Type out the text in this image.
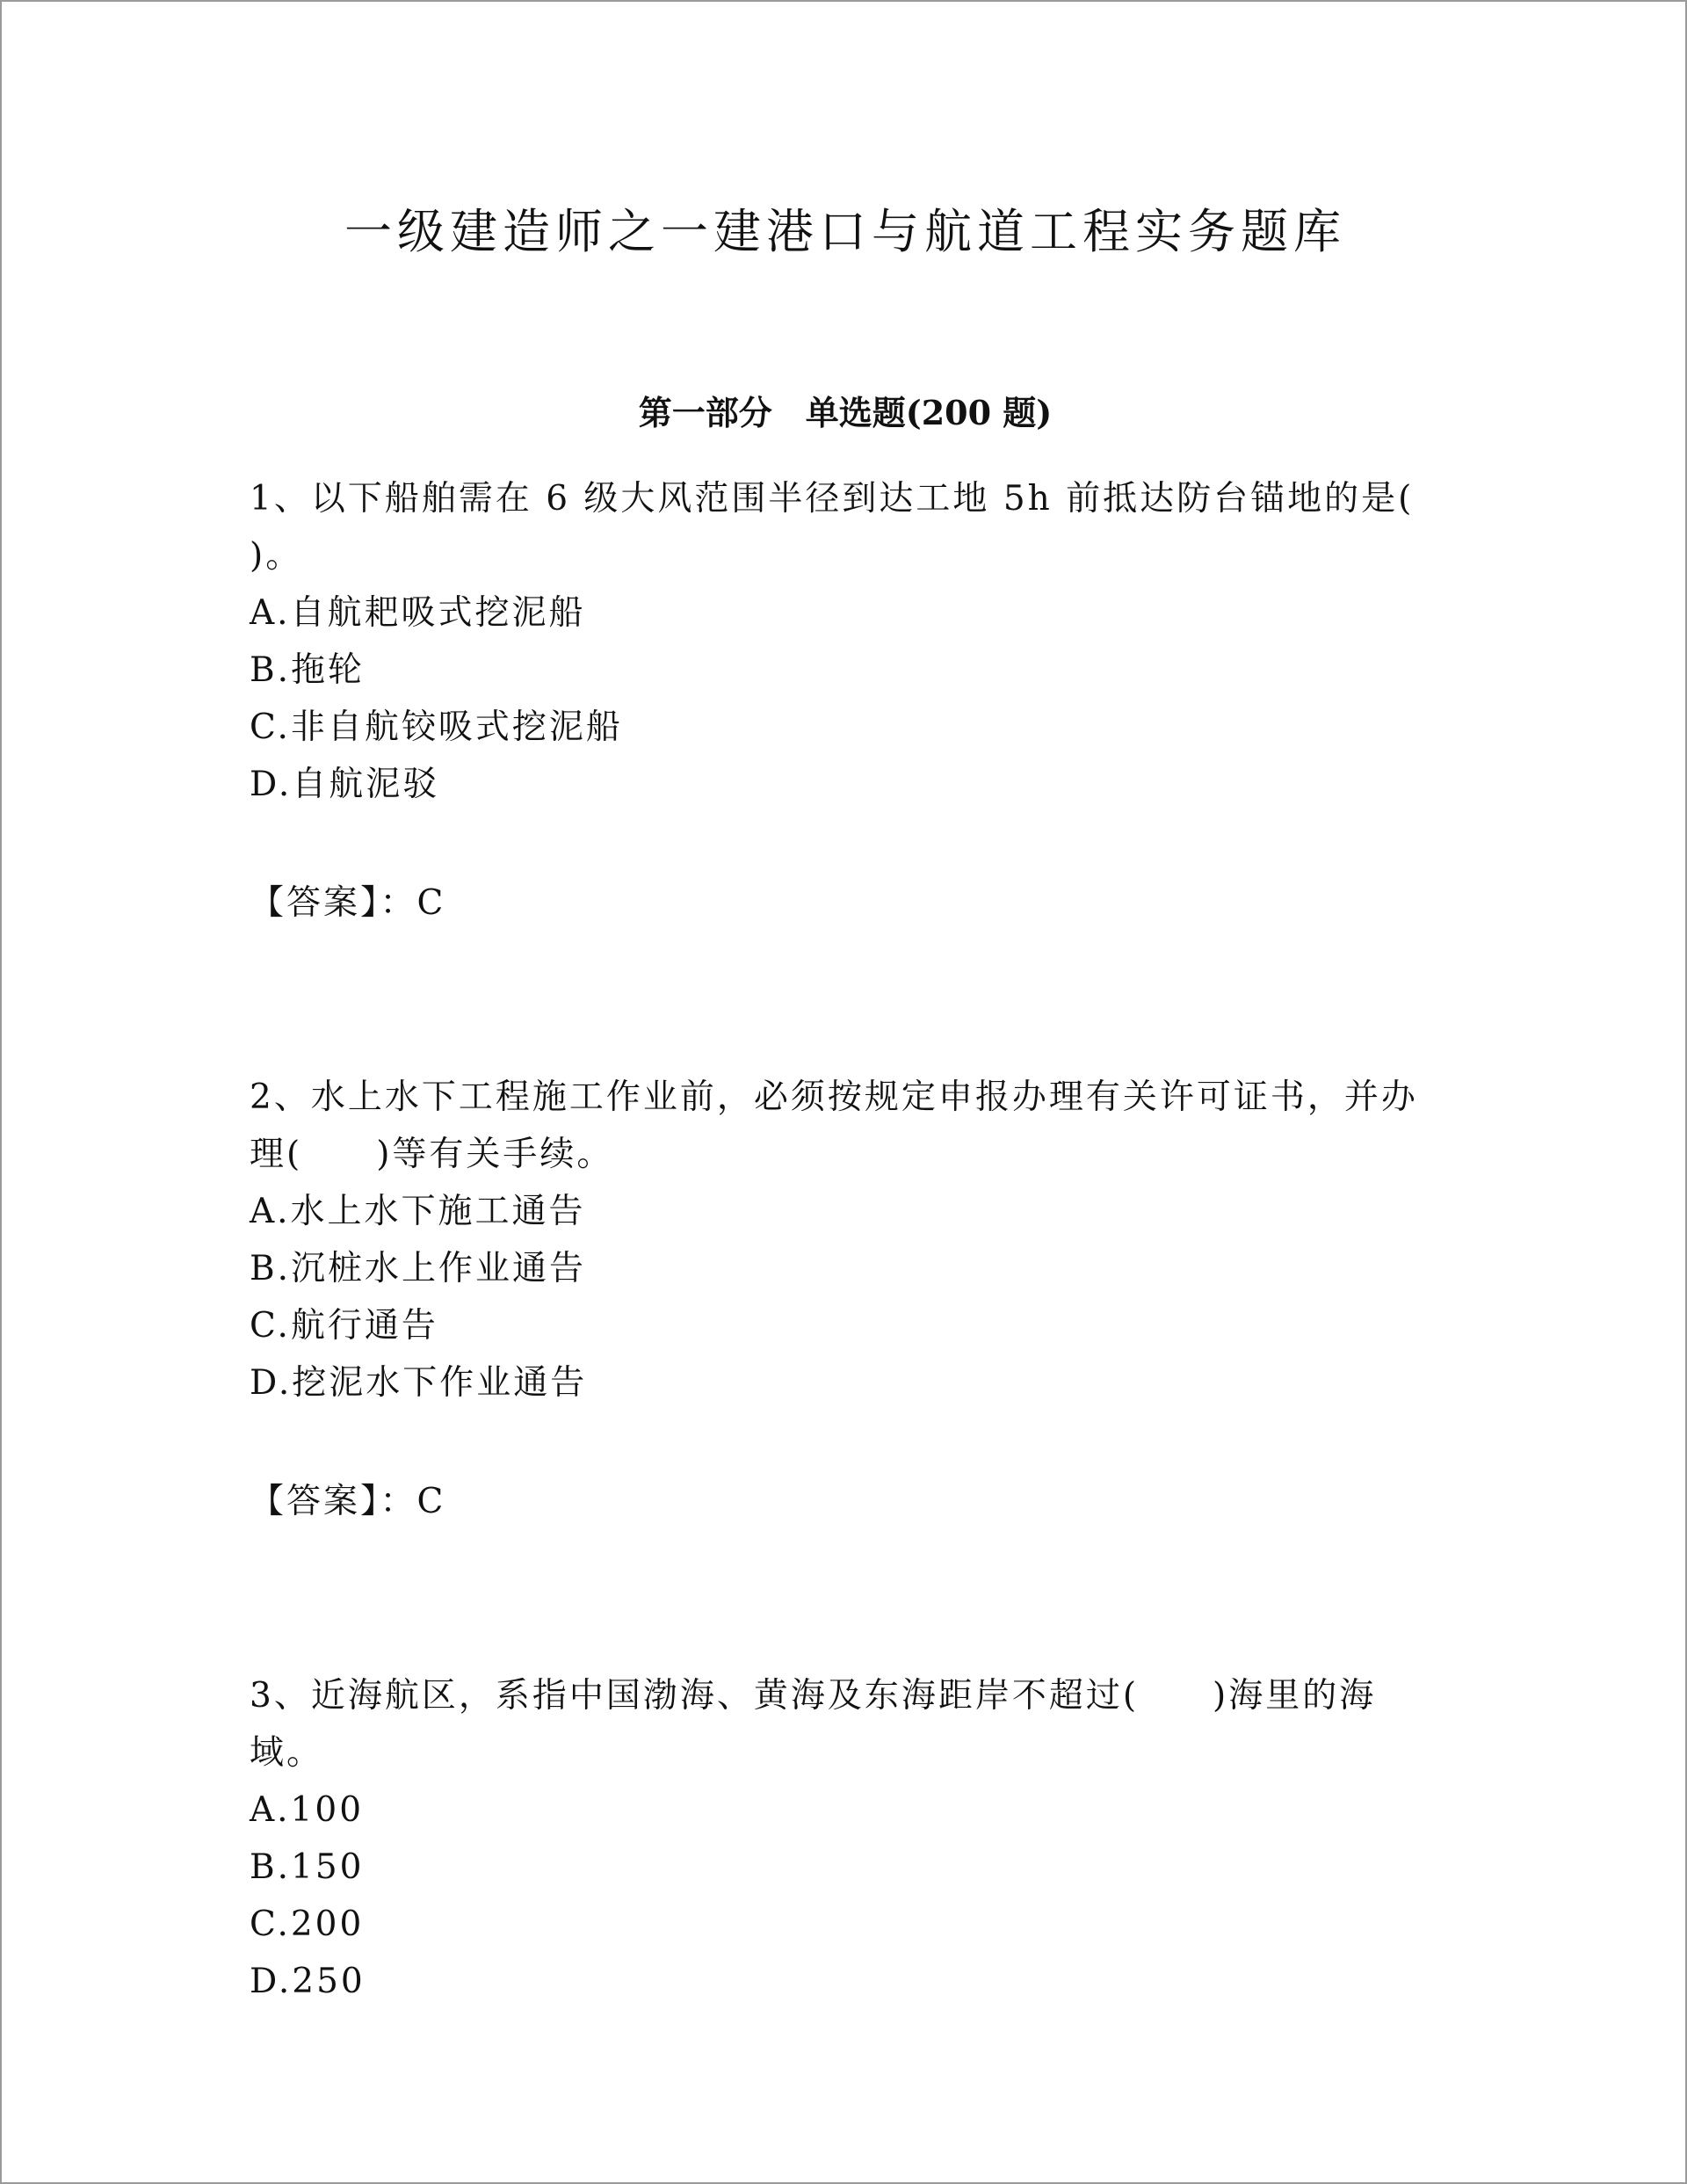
一级建造师之一建港口与航道工程实务题库
第一部分　单选题(200 题)

1、以下船舶需在 6 级大风范围半径到达工地 5h 前抵达防台锚地的是( )。

A.自航耙吸式挖泥船
B.拖轮
C.非自航铰吸式挖泥船
D.自航泥驳

【答案】：C

2、水上水下工程施工作业前，必须按规定申报办理有关许可证书，并办理(　　)等有关手续。

A.水上水下施工通告
B.沉桩水上作业通告
C.航行通告
D.挖泥水下作业通告

【答案】：C

3、近海航区，系指中国渤海、黄海及东海距岸不超过(　　)海里的海域。

A.100
B.150
C.200
D.250
